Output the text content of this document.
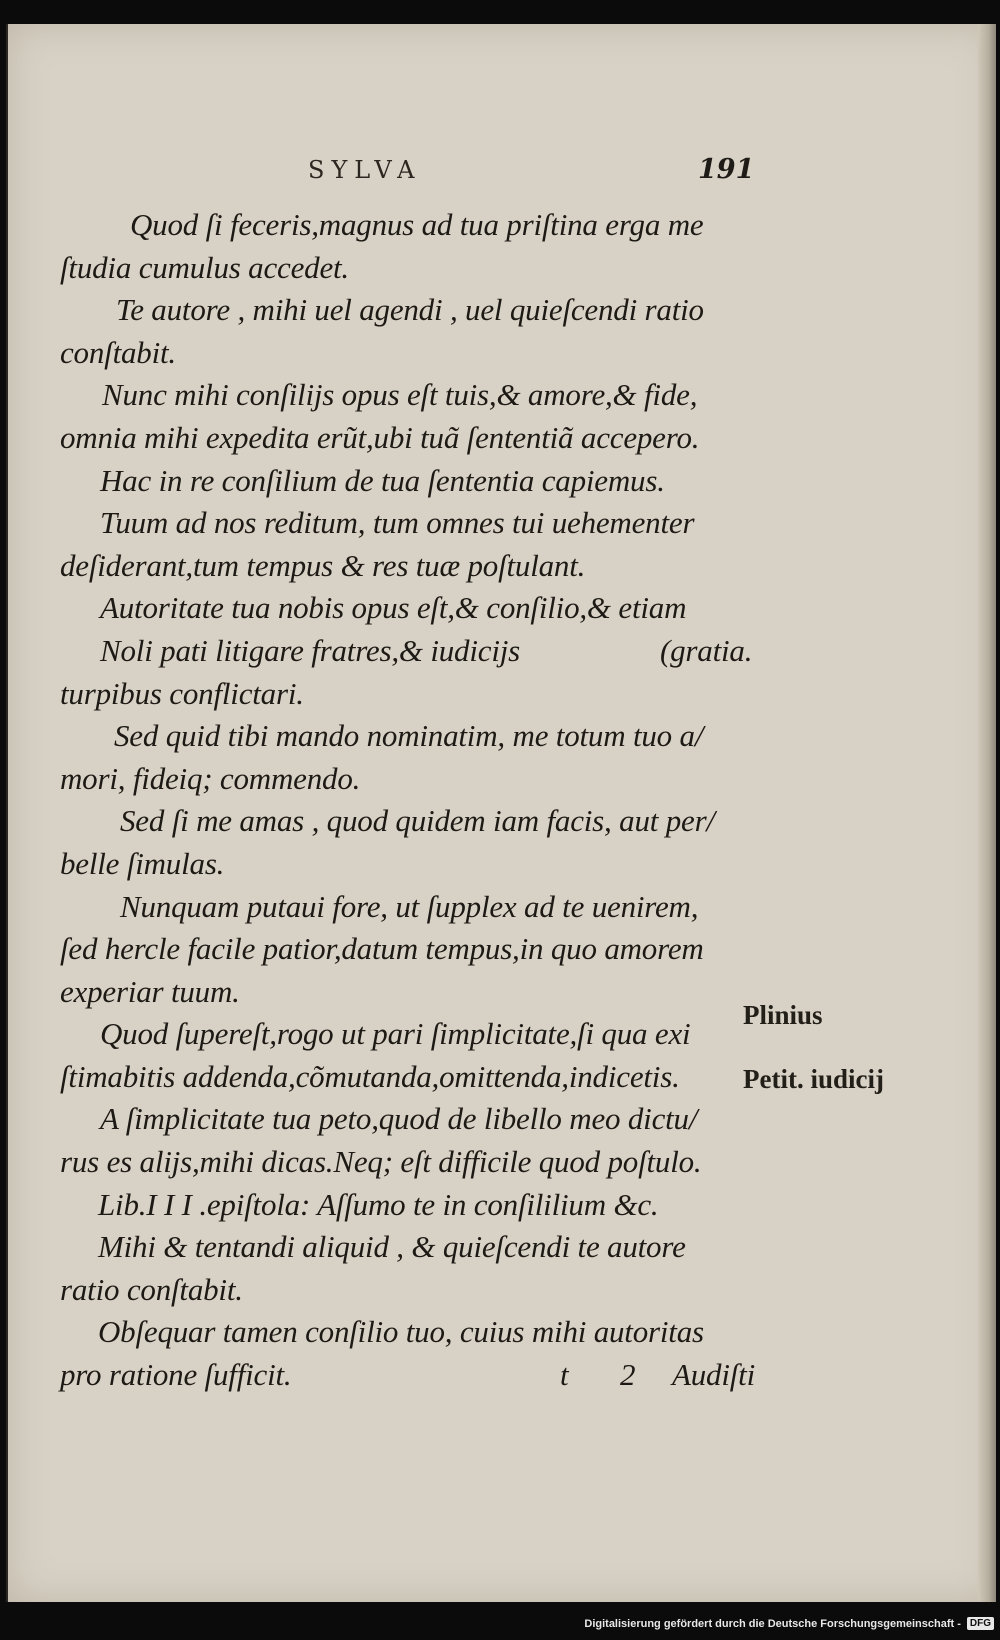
SYLVA	191
Quod ſi feceris,magnus ad tua priſtina erga me
ſtudia cumulus accedet.
Te autore , mihi uel agendi , uel quieſcendi ratio
conſtabit.
Nunc mihi conſilijs opus eſt tuis,& amore,& fide,
omnia mihi expedita erũt,ubi tuã ſententiã accepero.
Hac in re conſilium de tua ſententia capiemus.
Tuum ad nos reditum, tum omnes tui uehementer
deſiderant,tum tempus & res tuæ poſtulant.
Autoritate tua nobis opus eſt,& conſilio,& etiam
Noli pati litigare fratres,& iudicijs	(gratia.
turpibus conflictari.
Sed quid tibi mando nominatim, me totum tuo a/
mori, fideiq; commendo.
Sed ſi me amas , quod quidem iam facis, aut per/
belle ſimulas.
Nunquam putaui fore, ut ſupplex ad te uenirem,
ſed hercle facile patior,datum tempus,in quo amorem
experiar tuum.
Quod ſupereſt,rogo ut pari ſimplicitate,ſi qua exi
ſtimabitis addenda,cõmutanda,omittenda,indicetis.
A ſimplicitate tua peto,quod de libello meo dictu/
rus es alijs,mihi dicas.Neq; eſt difficile quod poſtulo.
Lib.I I I .epiſtola: Aſſumo te in conſililium &c.
Mihi & tentandi aliquid , & quieſcendi te autore
ratio conſtabit.
Obſequar tamen conſilio tuo, cuius mihi autoritas
pro ratione ſufficit.	t 2 Audiſti
Plinius
Petit. iudicij
Digitalisierung gefördert durch die Deutsche Forschungsgemeinschaft - DFG
